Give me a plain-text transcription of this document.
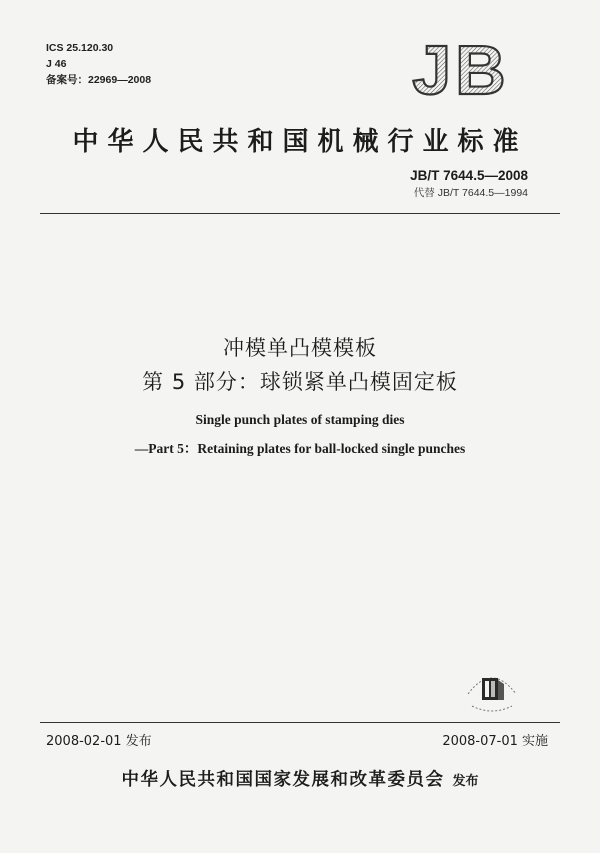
ICS 25.120.30
J 46
备案号：22969—2008	JB
中华人民共和国机械行业标准
JB/T 7644.5—2008
代替 JB/T 7644.5—1994
冲模单凸模模板
第 5 部分：球锁紧单凸模固定板
Single punch plates of stamping dies
—Part 5：Retaining plates for ball-locked single punches
2008-02-01 发布	2008-07-01 实施
中华人民共和国国家发展和改革委员会 发布
